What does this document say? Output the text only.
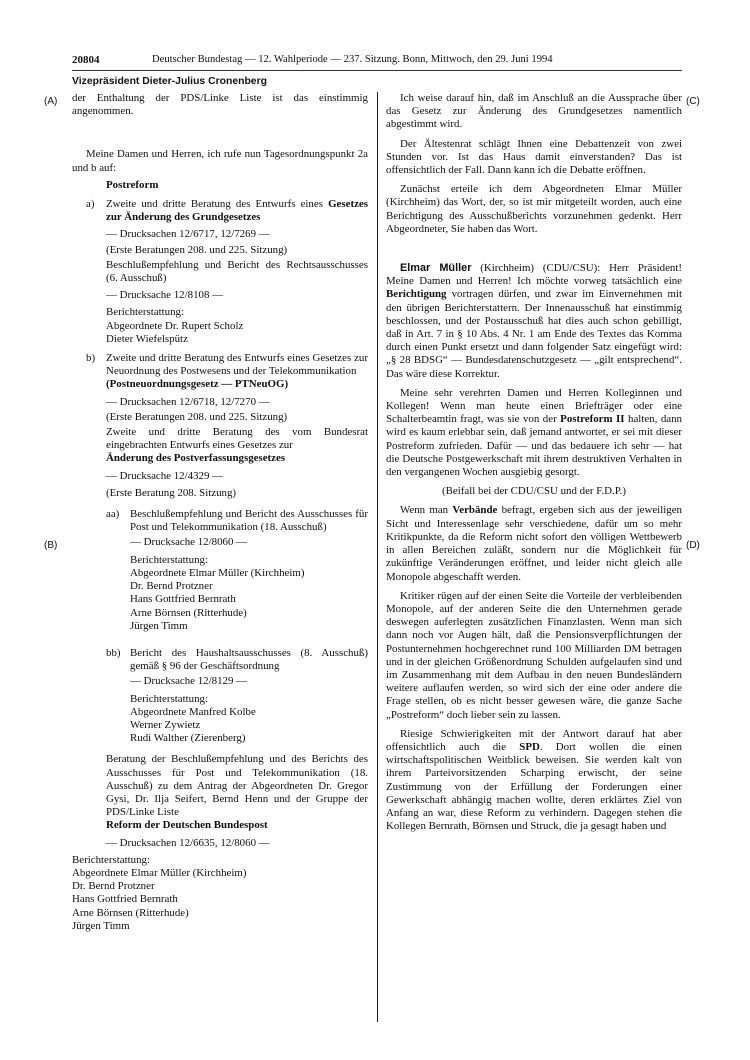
20804	Deutscher Bundestag — 12. Wahlperiode — 237. Sitzung. Bonn, Mittwoch, den 29. Juni 1994
Vizepräsident Dieter-Julius Cronenberg
(A)
(B)
(C)
(D)

der Enthaltung der PDS/Linke Liste ist das einstimmig angenommen.

Meine Damen und Herren, ich rufe nun Tagesordnungspunkt 2a und b auf:

Postreform

a) Zweite und dritte Beratung des Entwurfs eines Gesetzes zur Änderung des Grundgesetzes

— Drucksachen 12/6717, 12/7269 —

(Erste Beratungen 208. und 225. Sitzung)

Beschlußempfehlung und Bericht des Rechtsausschusses (6. Ausschuß)

— Drucksache 12/8108 —

Berichterstattung:

Abgeordnete Dr. Rupert Scholz

Dieter Wiefelspütz

b) Zweite und dritte Beratung des Entwurfs eines Gesetzes zur Neuordnung des Postwesens und der Telekommunikation

(Postneuordnungsgesetz — PTNeuOG)

— Drucksachen 12/6718, 12/7270 —

(Erste Beratungen 208. und 225. Sitzung)

Zweite und dritte Beratung des vom Bundesrat eingebrachten Entwurfs eines Gesetzes zur

Änderung des Postverfassungsgesetzes

— Drucksache 12/4329 —

(Erste Beratung 208. Sitzung)

aa) Beschlußempfehlung und Bericht des Ausschusses für Post und Telekommunikation (18. Ausschuß)

— Drucksache 12/8060 —

Berichterstattung:

Abgeordnete Elmar Müller (Kirchheim)

Dr. Bernd Protzner

Hans Gottfried Bernrath

Arne Börnsen (Ritterhude)

Jürgen Timm

bb) Bericht des Haushaltsausschusses (8. Ausschuß) gemäß § 96 der Geschäftsordnung

— Drucksache 12/8129 —

Berichterstattung:

Abgeordnete Manfred Kolbe

Werner Zywietz

Rudi Walther (Zierenberg)

Beratung der Beschlußempfehlung und des Berichts des Ausschusses für Post und Telekommunikation (18. Ausschuß) zu dem Antrag der Abgeordneten Dr. Gregor Gysi, Dr. Ilja Seifert, Bernd Henn und der Gruppe der PDS/Linke Liste

Reform der Deutschen Bundespost

— Drucksachen 12/6635, 12/8060 —

Berichterstattung:

Abgeordnete Elmar Müller (Kirchheim)

Dr. Bernd Protzner

Hans Gottfried Bernrath

Arne Börnsen (Ritterhude)

Jürgen Timm

Ich weise darauf hin, daß im Anschluß an die Aussprache über das Gesetz zur Änderung des Grundgesetzes namentlich abgestimmt wird.

Der Ältestenrat schlägt Ihnen eine Debattenzeit von zwei Stunden vor. Ist das Haus damit einverstanden? Das ist offensichtlich der Fall. Dann kann ich die Debatte eröffnen.

Zunächst erteile ich dem Abgeordneten Elmar Müller (Kirchheim) das Wort, der, so ist mir mitgeteilt worden, auch eine Berichtigung des Ausschußberichts vorzunehmen gedenkt. Herr Abgeordneter, Sie haben das Wort.

Elmar Müller (Kirchheim) (CDU/CSU): Herr Präsident! Meine Damen und Herren! Ich möchte vorweg tatsächlich eine Berichtigung vortragen dürfen, und zwar im Einvernehmen mit den übrigen Berichterstattern. Der Innenausschuß hat einstimmig beschlossen, und der Postausschuß hat dies auch schon gebilligt, daß in Art. 7 in § 10 Abs. 4 Nr. 1 am Ende des Textes das Komma durch einen Punkt ersetzt und dann folgender Satz eingefügt wird: „§ 28 BDSG“ — Bundesdatenschutzgesetz — „gilt entsprechend“. Das wäre diese Korrektur.

Meine sehr verehrten Damen und Herren Kolleginnen und Kollegen! Wenn man heute einen Briefträger oder eine Schalterbeamtin fragt, was sie von der Postreform II halten, dann wird es kaum erlebbar sein, daß jemand antwortet, er sei mit dieser Postreform zufrieden. Dafür — und das bedauere ich sehr — hat die Deutsche Postgewerkschaft mit ihrem destruktiven Verhalten in den vergangenen Wochen ausgiebig gesorgt.

(Beifall bei der CDU/CSU und der F.D.P.)

Wenn man Verbände befragt, ergeben sich aus der jeweiligen Sicht und Interessenlage sehr verschiedene, dafür um so mehr Kritikpunkte, da die Reform nicht sofort den völligen Wettbewerb in allen Bereichen zuläßt, sondern nur die Möglichkeit für zukünftige Veränderungen eröffnet, und leider nicht gleich alle Monopole abgeschafft werden.

Kritiker rügen auf der einen Seite die Vorteile der verbleibenden Monopole, auf der anderen Seite die den Unternehmen gerade deswegen auferlegten zusätzlichen Finanzlasten. Wenn man sich dann noch vor Augen hält, daß die Pensionsverpflichtungen der Postunternehmen hochgerechnet rund 100 Milliarden DM betragen und in der gleichen Größenordnung Schulden aufgelaufen sind und im Zusammenhang mit dem Aufbau in den neuen Bundesländern weitere auflaufen werden, so wird sich der eine oder andere die Frage stellen, ob es nicht besser gewesen wäre, die ganze Sache „Postreform“ doch lieber sein zu lassen.

Riesige Schwierigkeiten mit der Antwort darauf hat aber offensichtlich auch die SPD. Dort wollen die einen wirtschaftspolitischen Weitblick beweisen. Sie werden kalt von ihrem Parteivorsitzenden Scharping erwischt, der seine Zustimmung von der Erfüllung der Forderungen einer Gewerkschaft abhängig machen wollte, deren erklärtes Ziel von Anfang an war, diese Reform zu verhindern. Dagegen stehen die Kollegen Bernrath, Börnsen und Struck, die ja gesagt haben und
